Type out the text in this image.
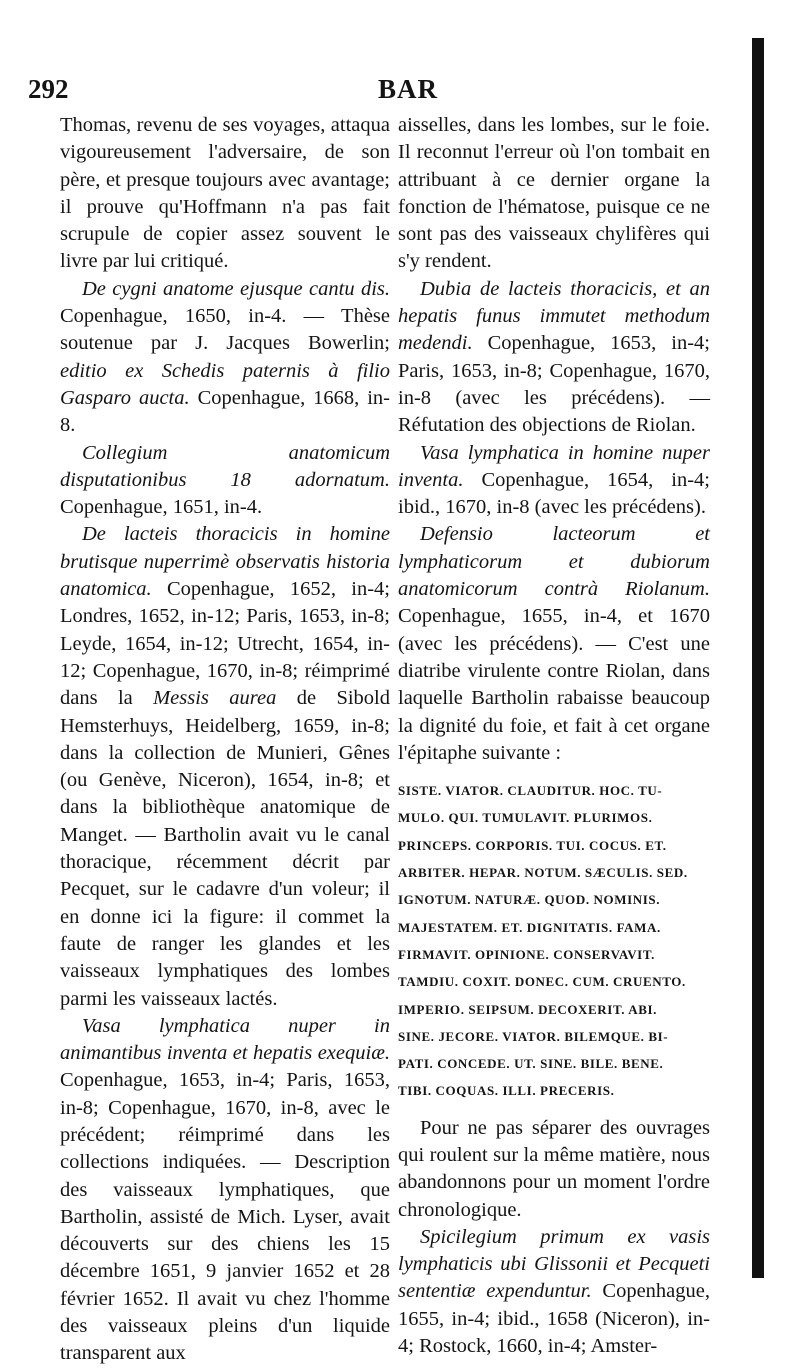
292	BAR

Thomas, revenu de ses voyages, attaqua vigoureusement l'adversaire, de son père, et presque toujours avec avantage; il prouve qu'Hoffmann n'a pas fait scrupule de copier assez souvent le livre par lui critiqué.

De cygni anatome ejusque cantu dis. Copenhague, 1650, in-4. — Thèse soutenue par J. Jacques Bowerlin; editio ex Schedis paternis à filio Gasparo aucta. Copenhague, 1668, in-8.

Collegium anatomicum disputationibus 18 adornatum. Copenhague, 1651, in-4.

De lacteis thoracicis in homine brutisque nuperrimè observatis historia anatomica. Copenhague, 1652, in-4; Londres, 1652, in-12; Paris, 1653, in-8; Leyde, 1654, in-12; Utrecht, 1654, in-12; Copenhague, 1670, in-8; réimprimé dans la Messis aurea de Sibold Hemsterhuys, Heidelberg, 1659, in-8; dans la collection de Munieri, Gênes (ou Genève, Niceron), 1654, in-8; et dans la bibliothèque anatomique de Manget. — Bartholin avait vu le canal thoracique, récemment décrit par Pecquet, sur le cadavre d'un voleur; il en donne ici la figure: il commet la faute de ranger les glandes et les vaisseaux lymphatiques des lombes parmi les vaisseaux lactés.

Vasa lymphatica nuper in animantibus inventa et hepatis exequiæ. Copenhague, 1653, in-4; Paris, 1653, in-8; Copenhague, 1670, in-8, avec le précédent; réimprimé dans les collections indiquées. — Description des vaisseaux lymphatiques, que Bartholin, assisté de Mich. Lyser, avait découverts sur des chiens les 15 décembre 1651, 9 janvier 1652 et 28 février 1652. Il avait vu chez l'homme des vaisseaux pleins d'un liquide transparent aux

aisselles, dans les lombes, sur le foie. Il reconnut l'erreur où l'on tombait en attribuant à ce dernier organe la fonction de l'hématose, puisque ce ne sont pas des vaisseaux chylifères qui s'y rendent.

Dubia de lacteis thoracicis, et an hepatis funus immutet methodum medendi. Copenhague, 1653, in-4; Paris, 1653, in-8; Copenhague, 1670, in-8 (avec les précédens). — Réfutation des objections de Riolan.

Vasa lymphatica in homine nuper inventa. Copenhague, 1654, in-4; ibid., 1670, in-8 (avec les précédens).

Defensio lacteorum et lymphaticorum et dubiorum anatomicorum contrà Riolanum. Copenhague, 1655, in-4, et 1670 (avec les précédens). — C'est une diatribe virulente contre Riolan, dans laquelle Bartholin rabaisse beaucoup la dignité du foie, et fait à cet organe l'épitaphe suivante :

SISTE. VIATOR. CLAUDITUR. HOC. TU-
MULO. QUI. TUMULAVIT. PLURIMOS.
PRINCEPS. CORPORIS. TUI. COCUS. ET.
ARBITER. HEPAR. NOTUM. SÆCULIS. SED.
IGNOTUM. NATURÆ. QUOD. NOMINIS.
MAJESTATEM. ET. DIGNITATIS. FAMA.
FIRMAVIT. OPINIONE. CONSERVAVIT.
TAMDIU. COXIT. DONEC. CUM. CRUENTO.
IMPERIO. SEIPSUM. DECOXERIT. ABI.
SINE. JECORE. VIATOR. BILEMQUE. BI-
PATI. CONCEDE. UT. SINE. BILE. BENE.
TIBI. COQUAS. ILLI. PRECERIS.

Pour ne pas séparer des ouvrages qui roulent sur la même matière, nous abandonnons pour un moment l'ordre chronologique.

Spicilegium primum ex vasis lymphaticis ubi Glissonii et Pecqueti sententiæ expenduntur. Copenhague, 1655, in-4; ibid., 1658 (Niceron), in-4; Rostock, 1660, in-4; Amster-
